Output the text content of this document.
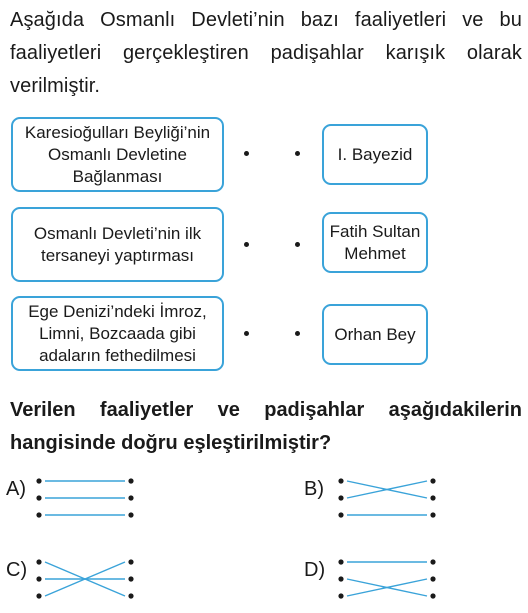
Aşağıda Osmanlı Devleti’nin bazı faaliyetleri ve bu faaliyetleri gerçekleştiren padişahlar karışık olarak verilmiştir.
Karesioğulları Beyliği’nin Osmanlı Devletine Bağlanması
Osmanlı Devleti’nin ilk tersaneyi yaptırması
Ege Denizi’ndeki İmroz, Limni, Bozcaada gibi adaların fethedilmesi
I. Bayezid
Fatih Sultan Mehmet
Orhan Bey
Verilen faaliyetler ve padişahlar aşağıdakilerin hangisinde doğru eşleştirilmiştir?
A)	B)
C)	D)
